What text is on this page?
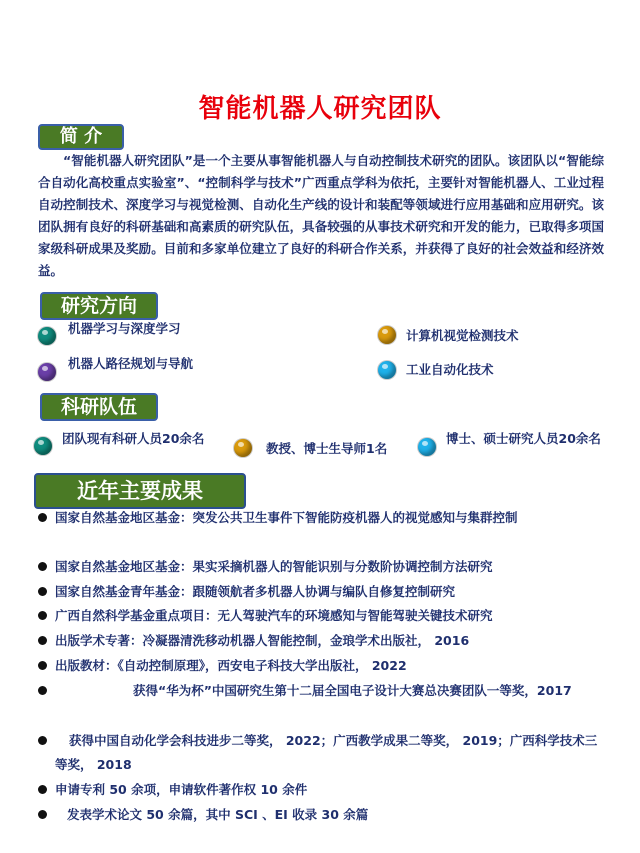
智能机器人研究团队
简 介

“智能机器人研究团队”是一个主要从事智能机器人与自动控制技术研究的团队。该团队以“智能综合自动化高校重点实验室”、“控制科学与技术”广西重点学科为依托，主要针对智能机器人、工业过程自动控制技术、深度学习与视觉检测、自动化生产线的设计和装配等领域进行应用基础和应用研究。该团队拥有良好的科研基础和高素质的研究队伍，具备较强的从事技术研究和开发的能力，已取得多项国家级科研成果及奖励。目前和多家单位建立了良好的科研合作关系，并获得了良好的社会效益和经济效益。

研究方向
机器学习与深度学习	计算机视觉检测技术
机器人路径规划与导航	工业自动化技术
科研队伍
团队现有科研人员20余名
教授、博士生导师1名
博士、硕士研究人员20余名
近年主要成果
国家自然基金地区基金：突发公共卫生事件下智能防疫机器人的视觉感知与集群控制
国家自然基金地区基金：果实采摘机器人的智能识别与分数阶协调控制方法研究
国家自然基金青年基金：跟随领航者多机器人协调与编队自修复控制研究
广西自然科学基金重点项目：无人驾驶汽车的环境感知与智能驾驶关键技术研究
出版学术专著：冷凝器清洗移动机器人智能控制，金琅学术出版社， 2016
出版教材：《自动控制原理》，西安电子科技大学出版社， 2022
获得“华为杯”中国研究生第十二届全国电子设计大赛总决赛团队一等奖，2017
获得中国自动化学会科技进步二等奖， 2022；广西教学成果二等奖， 2019；广西科学技术三等奖， 2018
申请专利 50 余项，申请软件著作权 10 余件
发表学术论文 50 余篇，其中 SCI 、EI 收录 30 余篇
